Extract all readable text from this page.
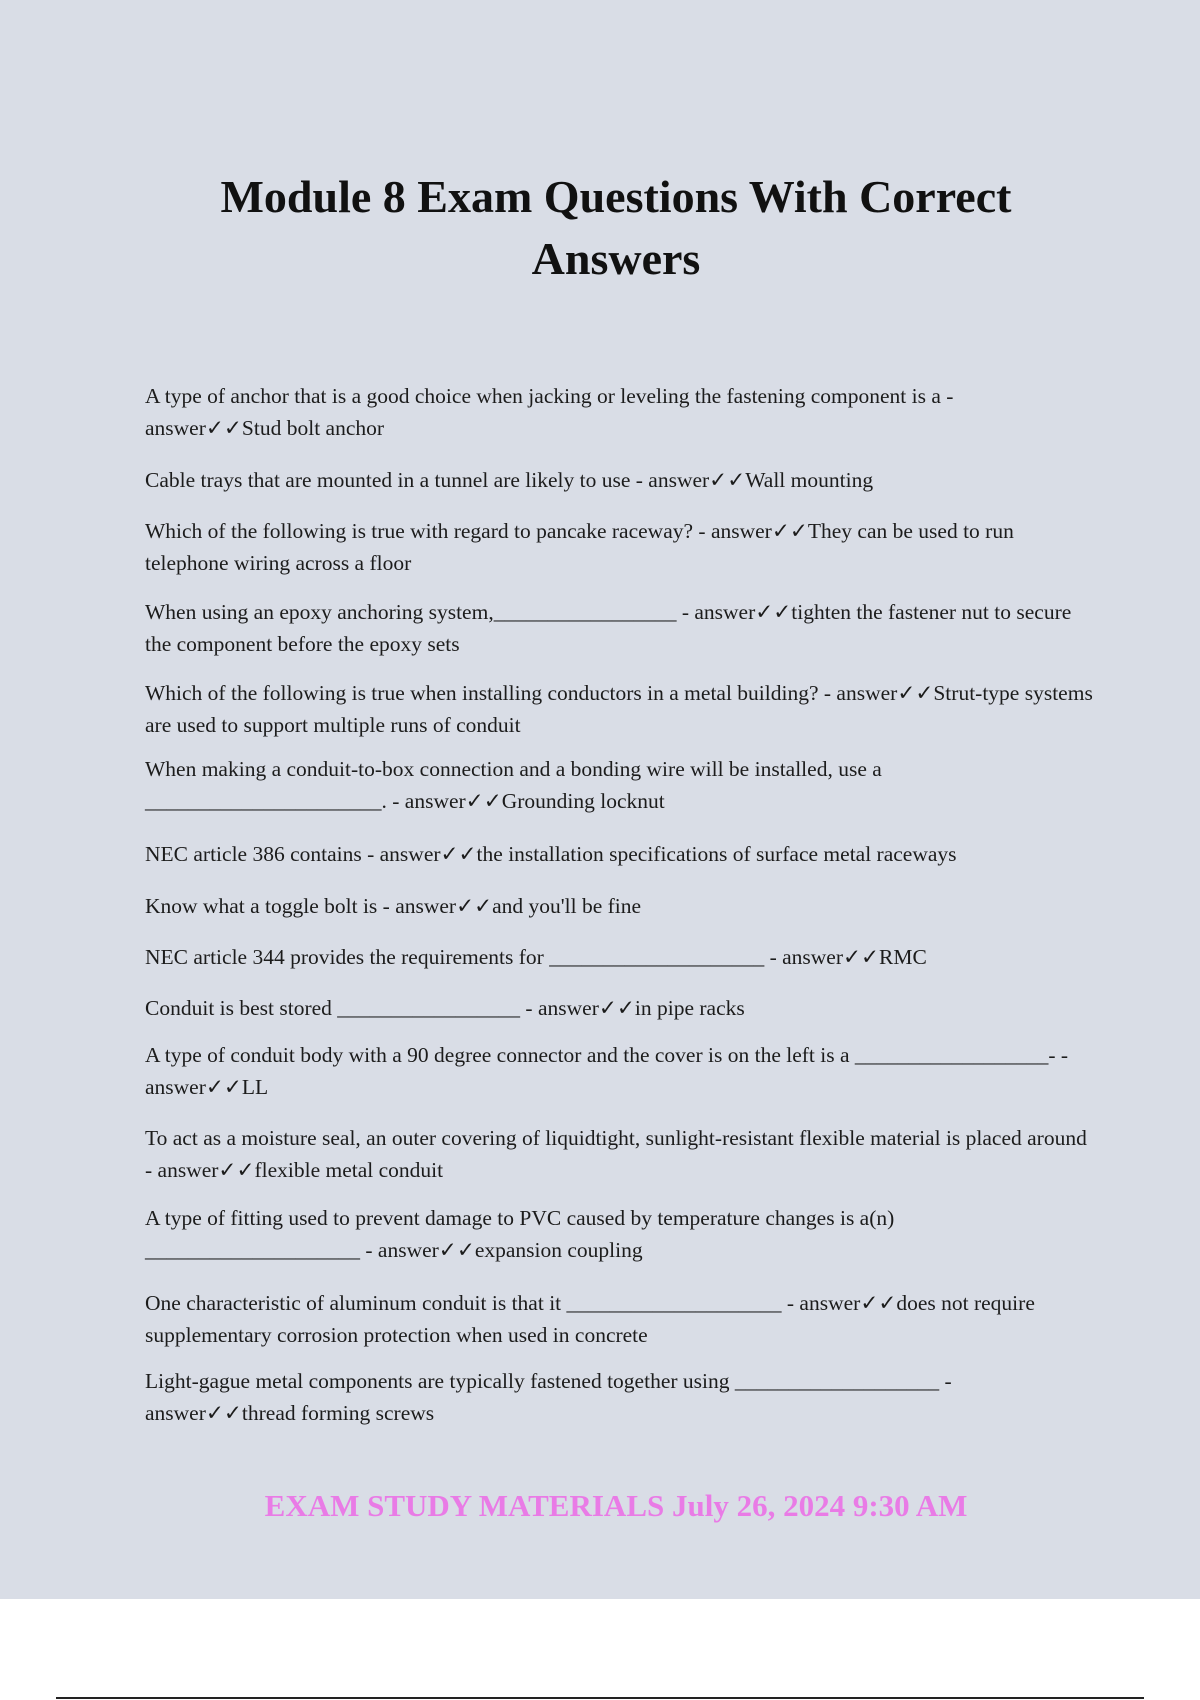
Module 8 Exam Questions With Correct Answers
A type of anchor that is a good choice when jacking or leveling the fastening component is a - answer✓✓Stud bolt anchor
Cable trays that are mounted in a tunnel are likely to use - answer✓✓Wall mounting
Which of the following is true with regard to pancake raceway? - answer✓✓They can be used to run telephone wiring across a floor
When using an epoxy anchoring system,_________________ - answer✓✓tighten the fastener nut to secure the component before the epoxy sets
Which of the following is true when installing conductors in a metal building? - answer✓✓Strut-type systems are used to support multiple runs of conduit
When making a conduit-to-box connection and a bonding wire will be installed, use a ______________________. - answer✓✓Grounding locknut
NEC article 386 contains - answer✓✓the installation specifications of surface metal raceways
Know what a toggle bolt is - answer✓✓and you'll be fine
NEC article 344 provides the requirements for ____________________ - answer✓✓RMC
Conduit is best stored _________________ - answer✓✓in pipe racks
A type of conduit body with a 90 degree connector and the cover is on the left is a __________________- - answer✓✓LL
To act as a moisture seal, an outer covering of liquidtight, sunlight-resistant flexible material is placed around - answer✓✓flexible metal conduit
A type of fitting used to prevent damage to PVC caused by temperature changes is a(n) ____________________ - answer✓✓expansion coupling
One characteristic of aluminum conduit is that it ____________________ - answer✓✓does not require supplementary corrosion protection when used in concrete
Light-gague metal components are typically fastened together using ___________________ - answer✓✓thread forming screws
EXAM STUDY MATERIALS July 26, 2024 9:30 AM
